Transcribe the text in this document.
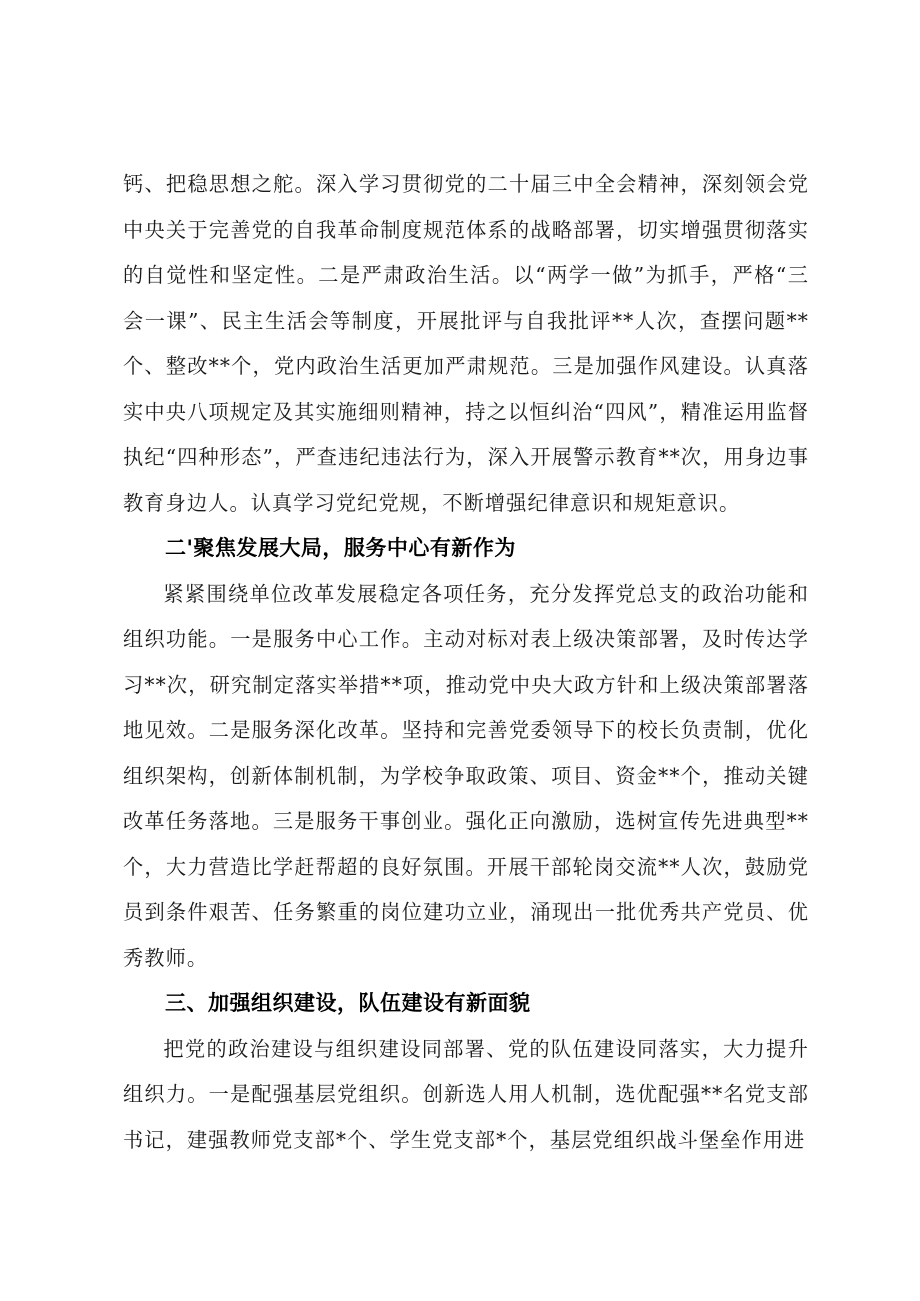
钙、把稳思想之舵。深入学习贯彻党的二十届三中全会精神，深刻领会党中央关于完善党的自我革命制度规范体系的战略部署，切实增强贯彻落实的自觉性和坚定性。二是严肃政治生活。以“两学一做”为抓手，严格“三会一课”、民主生活会等制度，开展批评与自我批评**人次，查摆问题**个、整改**个，党内政治生活更加严肃规范。三是加强作风建设。认真落实中央八项规定及其实施细则精神，持之以恒纠治“四风”，精准运用监督执纪“四种形态”，严查违纪违法行为，深入开展警示教育**次，用身边事教育身边人。认真学习党纪党规，不断增强纪律意识和规矩意识。

二'聚焦发展大局，服务中心有新作为

紧紧围绕单位改革发展稳定各项任务，充分发挥党总支的政治功能和组织功能。一是服务中心工作。主动对标对表上级决策部署，及时传达学习**次，研究制定落实举措**项，推动党中央大政方针和上级决策部署落地见效。二是服务深化改革。坚持和完善党委领导下的校长负责制，优化组织架构，创新体制机制，为学校争取政策、项目、资金**个，推动关键改革任务落地。三是服务干事创业。强化正向激励，选树宣传先进典型**个，大力营造比学赶帮超的良好氛围。开展干部轮岗交流**人次，鼓励党员到条件艰苦、任务繁重的岗位建功立业，涌现出一批优秀共产党员、优秀教师。

三、加强组织建设，队伍建设有新面貌

把党的政治建设与组织建设同部署、党的队伍建设同落实，大力提升组织力。一是配强基层党组织。创新选人用人机制，选优配强**名党支部书记，建强教师党支部*个、学生党支部*个，基层党组织战斗堡垒作用进
